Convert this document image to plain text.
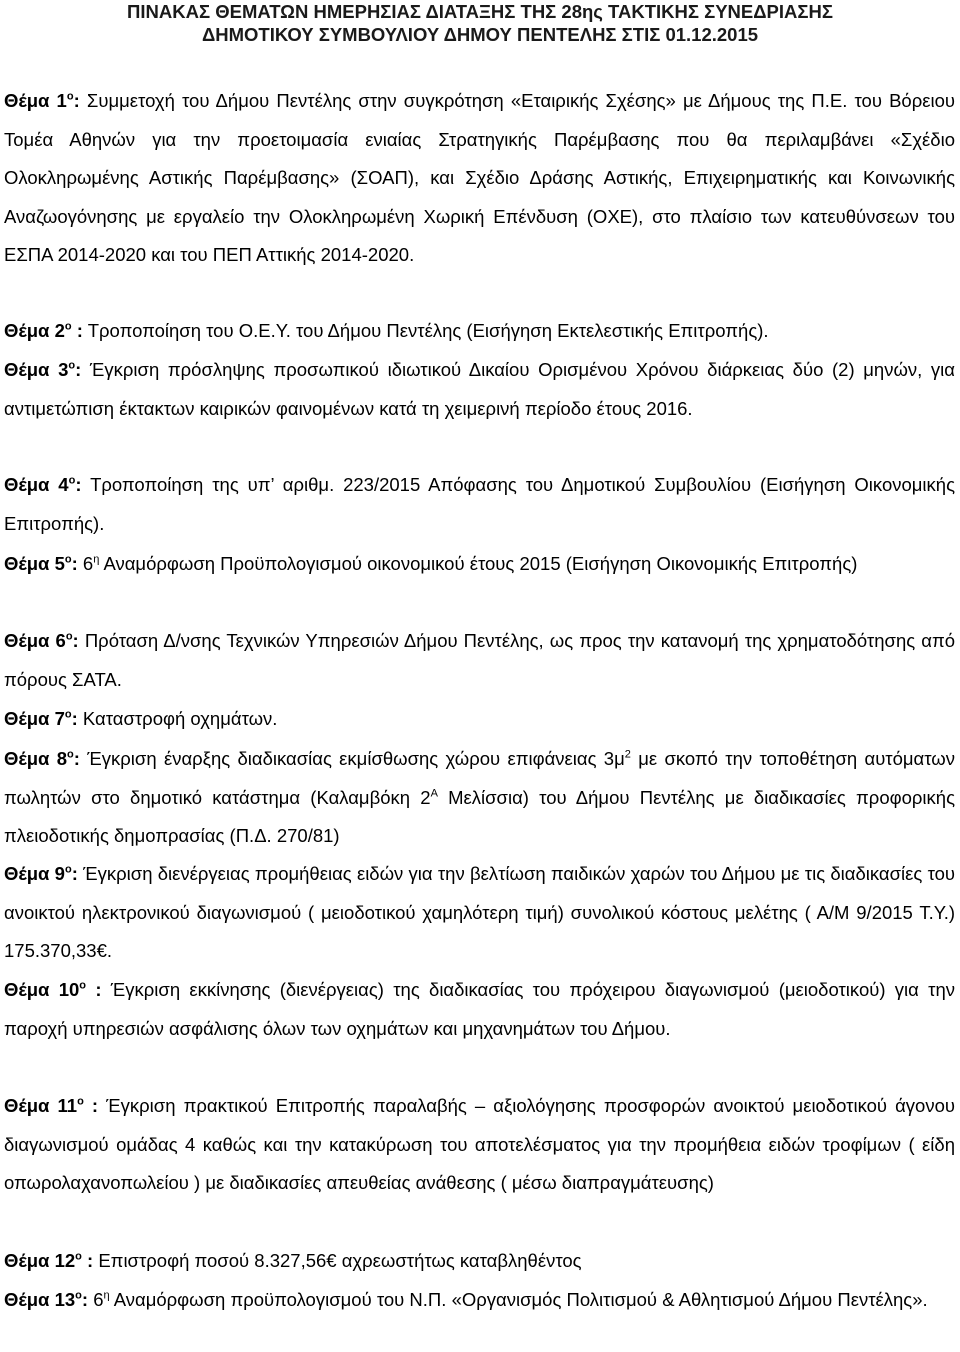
ΠΙΝΑΚΑΣ ΘΕΜΑΤΩΝ ΗΜΕΡΗΣΙΑΣ ΔΙΑΤΑΞΗΣ ΤΗΣ 28ης ΤΑΚΤΙΚΗΣ ΣΥΝΕΔΡΙΑΣΗΣ
ΔΗΜΟΤΙΚΟΥ ΣΥΜΒΟΥΛΙΟΥ ΔΗΜΟΥ ΠΕΝΤΕΛΗΣ ΣΤΙΣ 01.12.2015
Θέμα $1^o$: Συμμετοχή του Δήμου Πεντέλης στην συγκρότηση «Εταιρικής Σχέσης» με Δήμους της Π.Ε. του Βόρειου Τομέα Αθηνών για την προετοιμασία ενιαίας Στρατηγικής Παρέμβασης που θα περιλαμβάνει «Σχέδιο Ολοκληρωμένης Αστικής Παρέμβασης» (ΣΟΑΠ), και Σχέδιο Δράσης Αστικής, Επιχειρηματικής και Κοινωνικής Αναζωογόνησης με εργαλείο την Ολοκληρωμένη Χωρική Επένδυση (ΟΧΕ), στο πλαίσιο των κατευθύνσεων του ΕΣΠΑ 2014-2020 και του ΠΕΠ Αττικής 2014-2020.
Θέμα $2^o$ : Τροποποίηση του Ο.Ε.Υ. του Δήμου Πεντέλης (Εισήγηση Εκτελεστικής Επιτροπής).
Θέμα $3^o$: Έγκριση πρόσληψης προσωπικού ιδιωτικού Δικαίου Ορισμένου Χρόνου διάρκειας δύο (2) μηνών, για αντιμετώπιση έκτακτων καιρικών φαινομένων κατά τη χειμερινή περίοδο έτους 2016.
Θέμα $4^o$: Τροποποίηση της υπ’ αριθμ. 223/2015 Απόφασης του Δημοτικού Συμβουλίου (Εισήγηση Οικονομικής Επιτροπής).
Θέμα $5^o$: $6^\eta$ Αναμόρφωση Προϋπολογισμού οικονομικού έτους 2015 (Εισήγηση Οικονομικής Επιτροπής)
Θέμα $6^o$: Πρόταση Δ/νσης Τεχνικών Υπηρεσιών Δήμου Πεντέλης, ως προς την κατανομή της χρηματοδότησης από πόρους ΣΑΤΑ.
Θέμα $7^o$: Καταστροφή οχημάτων.
Θέμα $8^o$: Έγκριση έναρξης διαδικασίας εκμίσθωσης χώρου επιφάνειας $3\mu^2$ με σκοπό την τοποθέτηση αυτόματων πωλητών στο δημοτικό κατάστημα (Καλαμβόκη $2^A$ Μελίσσια) του Δήμου Πεντέλης με διαδικασίες προφορικής πλειοδοτικής δημοπρασίας (Π.Δ. 270/81)
Θέμα $9^o$: Έγκριση διενέργειας προμήθειας ειδών για την βελτίωση παιδικών χαρών του Δήμου με τις διαδικασίες του ανοικτού ηλεκτρονικού διαγωνισμού ( μειοδοτικού χαμηλότερη τιμή) συνολικού κόστους μελέτης ( Α/Μ 9/2015 Τ.Υ.) 175.370,33€.
Θέμα $10^o$ : Έγκριση εκκίνησης (διενέργειας) της διαδικασίας του πρόχειρου διαγωνισμού (μειοδοτικού) για την παροχή υπηρεσιών ασφάλισης όλων των οχημάτων και μηχανημάτων του Δήμου.
Θέμα $11^o$ : Έγκριση πρακτικού Επιτροπής παραλαβής – αξιολόγησης προσφορών ανοικτού μειοδοτικού άγονου διαγωνισμού ομάδας 4 καθώς και την κατακύρωση του αποτελέσματος για την προμήθεια ειδών τροφίμων ( είδη οπωρολαχανοπωλείου ) με διαδικασίες απευθείας ανάθεσης ( μέσω διαπραγμάτευσης)
Θέμα $12^o$ : Επιστροφή ποσού 8.327,56€ αχρεωστήτως καταβληθέντος
Θέμα $13^o$: $6^\eta$ Αναμόρφωση προϋπολογισμού του Ν.Π. «Οργανισμός Πολιτισμού & Αθλητισμού Δήμου Πεντέλης».
